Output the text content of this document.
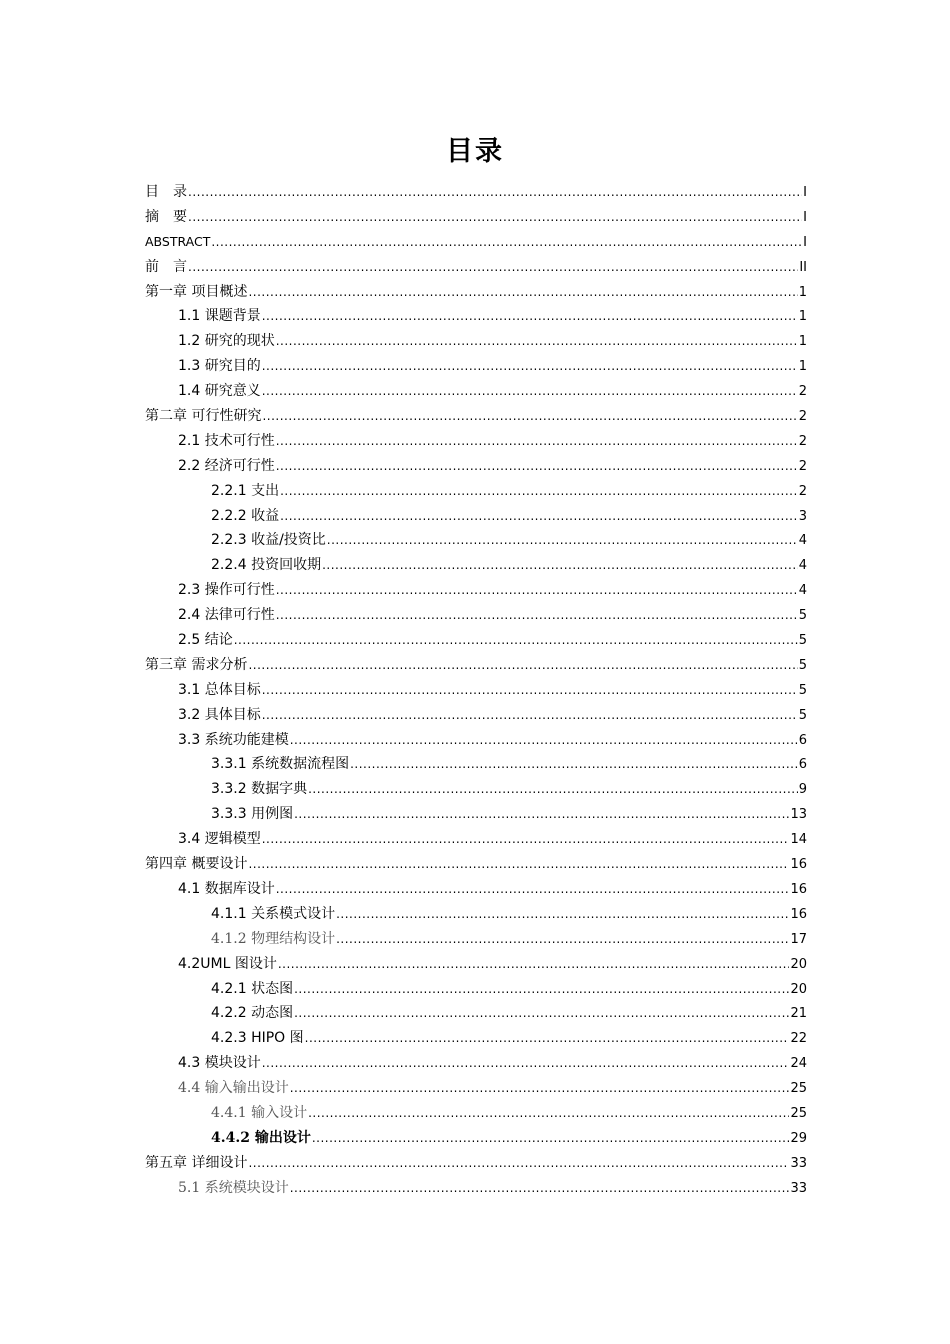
目录
目　录 .....	I
摘　要 .....	I
ABSTRACT .....	I
前　言 .....	II
第一章 项目概述 .....	1
1.1 课题背景 .....	1
1.2 研究的现状 .....	1
1.3 研究目的 .....	1
1.4 研究意义 .....	2
第二章 可行性研究 .....	2
2.1 技术可行性 .....	2
2.2 经济可行性 .....	2
2.2.1 支出 .....	2
2.2.2 收益 .....	3
2.2.3 收益/投资比 .....	4
2.2.4 投资回收期 .....	4
2.3 操作可行性 .....	4
2.4 法律可行性 .....	5
2.5 结论 .....	5
第三章 需求分析 .....	5
3.1 总体目标 .....	5
3.2 具体目标 .....	5
3.3 系统功能建模 .....	6
3.3.1 系统数据流程图 .....	6
3.3.2 数据字典 .....	9
3.3.3 用例图 .....	13
3.4 逻辑模型 .....	14
第四章 概要设计 .....	16
4.1 数据库设计 .....	16
4.1.1 关系模式设计 .....	16
4.1.2 物理结构设计 .....	17
4.2UML 图设计 .....	20
4.2.1 状态图 .....	20
4.2.2 动态图 .....	21
4.2.3 HIPO 图 .....	22
4.3 模块设计 .....	24
4.4 输入输出设计 .....	25
4.4.1 输入设计 .....	25
4.4.2 输出设计 .....	29
第五章 详细设计 .....	33
5.1 系统模块设计 .....	33
